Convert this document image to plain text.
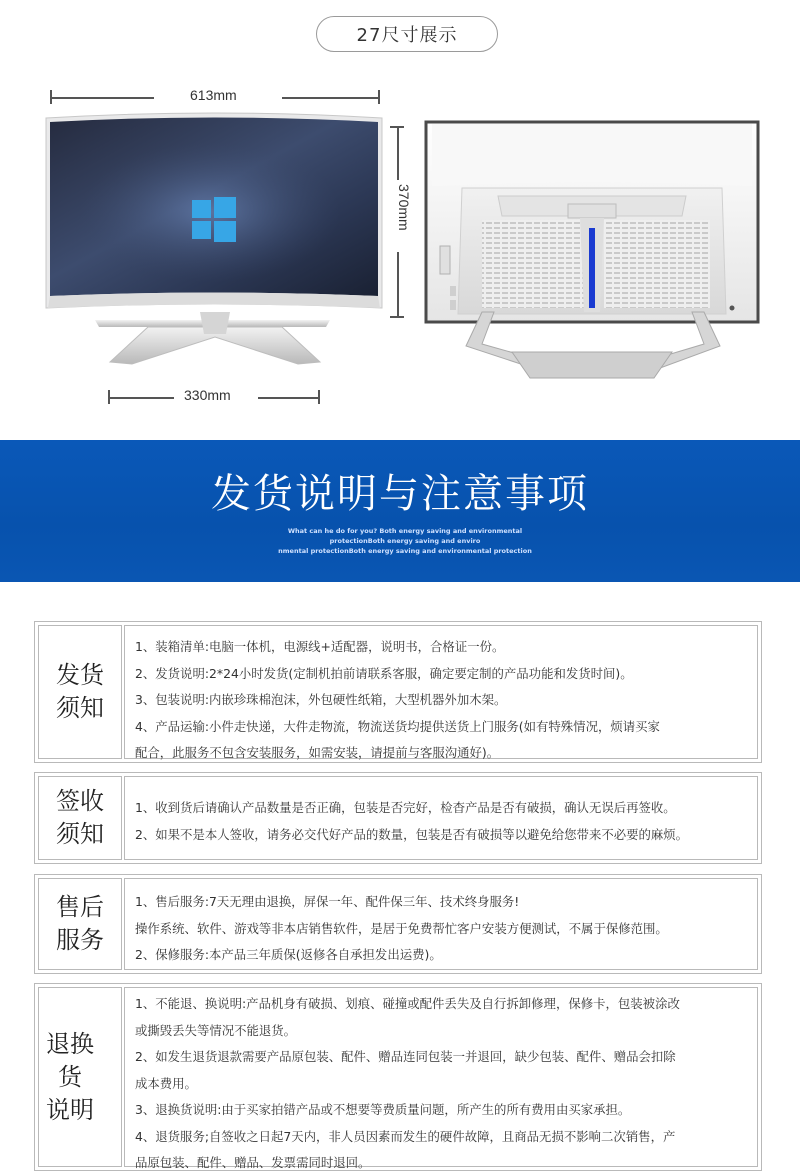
27尺寸展示
613mm
370mm
330mm
发货说明与注意事项
What can he do for you? Both energy saving and environmental
protectionBoth energy saving and enviro
nmental protectionBoth energy saving and environmental protection
发货
须知

1、装箱清单:电脑一体机，电源线+适配器，说明书，合格证一份。

2、发货说明:2*24小时发货(定制机拍前请联系客服，确定要定制的产品功能和发货时间)。

3、包装说明:内嵌珍珠棉泡沫，外包硬性纸箱，大型机器外加木架。

4、产品运输:小件走快递，大件走物流，物流送货均提供送货上门服务(如有特殊情况，烦请买家

配合，此服务不包含安装服务，如需安装，请提前与客服沟通好)。

签收
须知

1、收到货后请确认产品数量是否正确，包装是否完好，检杳产品是否有破损，确认无误后再签收。

2、如果不是本人签收，请务必交代好产品的数量，包装是否有破损等以避免给您带来不必要的麻烦。

售后
服务

1、售后服务:7天无理由退换，屏保一年、配件保三年、技术终身服务!

操作系统、软件、游戏等非本店销售软件，是居于免费帮忙客户安装方便测试，不属于保修范围。

2、保修服务:本产品三年质保(返修各自承担发出运费)。

退换货
说明

1、不能退、换说明:产品机身有破损、划痕、碰撞或配件丢失及自行拆卸修理，保修卡，包装被涂改

或撕毁丢失等情况不能退货。

2、如发生退货退款需要产品原包装、配件、赠品连同包装一并退回，缺少包装、配件、赠品会扣除

成本费用。

3、退换货说明:由于买家拍错产品或不想要等费质量问题，所产生的所有费用由买家承担。

4、退货服务;自签收之日起7天内，非人员因素而发生的硬件故障，且商品无损不影响二次销售，产

品原包装、配件、赠品、发票需同时退回。
